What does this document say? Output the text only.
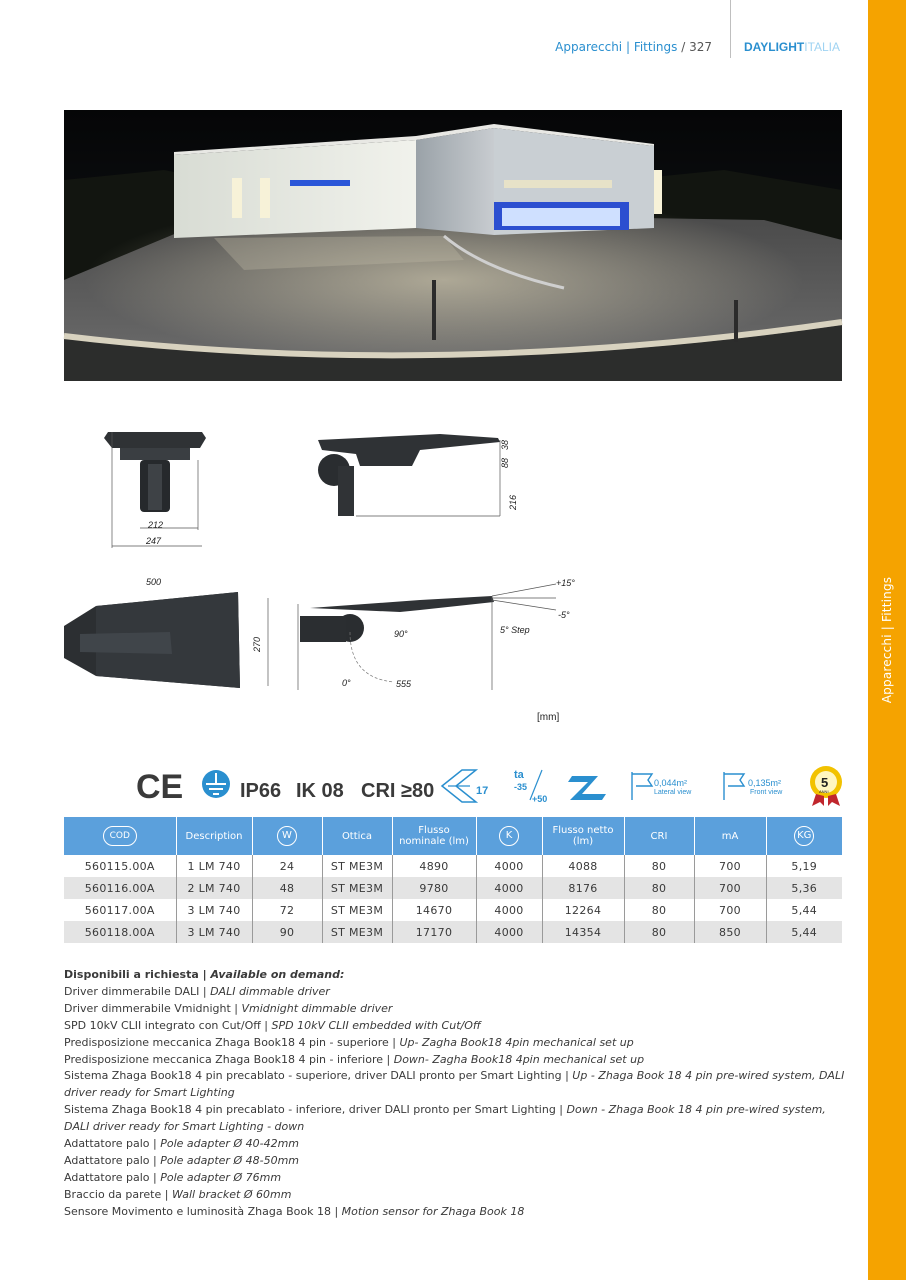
Apparecchi | Fittings / 327	DAYLIGHTITALIA
Apparecchi | Fittings
212
247
38
88
216
500
270
+15°
-5°
5° Step
90°
0°	555
[mm]
CE	IP66 IK 08 CRI ≥80	17
ta
-35
+50
0,044m²
Lateral view
0,135m²
Front view
5
ANNI
COD	Description	W	Ottica	Flusso nominale (lm)	K	Flusso netto (lm)	CRI	mA	KG
560115.00A	1 LM 740	24	ST ME3M	4890	4000	4088	80	700	5,19
560116.00A	2 LM 740	48	ST ME3M	9780	4000	8176	80	700	5,36
560117.00A	3 LM 740	72	ST ME3M	14670	4000	12264	80	700	5,44
560118.00A	3 LM 740	90	ST ME3M	17170	4000	14354	80	850	5,44
Disponibili a richiesta | Available on demand:
Driver dimmerabile DALI | DALI dimmable driver
Driver dimmerabile Vmidnight | Vmidnight dimmable driver
SPD 10kV CLII integrato con Cut/Off | SPD 10kV CLII embedded with Cut/Off
Predisposizione meccanica Zhaga Book18 4 pin - superiore | Up- Zagha Book18 4pin mechanical set up
Predisposizione meccanica Zhaga Book18 4 pin - inferiore | Down- Zagha Book18 4pin mechanical set up
Sistema Zhaga Book18 4 pin precablato - superiore, driver DALI pronto per Smart Lighting | Up - Zhaga Book 18 4 pin pre-wired system, DALI driver ready for Smart Lighting
Sistema Zhaga Book18 4 pin precablato - inferiore, driver DALI pronto per Smart Lighting | Down - Zhaga Book 18 4 pin pre-wired system, DALI driver ready for Smart Lighting - down
Adattatore palo | Pole adapter Ø 40-42mm
Adattatore palo | Pole adapter Ø 48-50mm
Adattatore palo | Pole adapter Ø 76mm
Braccio da parete | Wall bracket Ø 60mm
Sensore Movimento e luminosità Zhaga Book 18 | Motion sensor for Zhaga Book 18
